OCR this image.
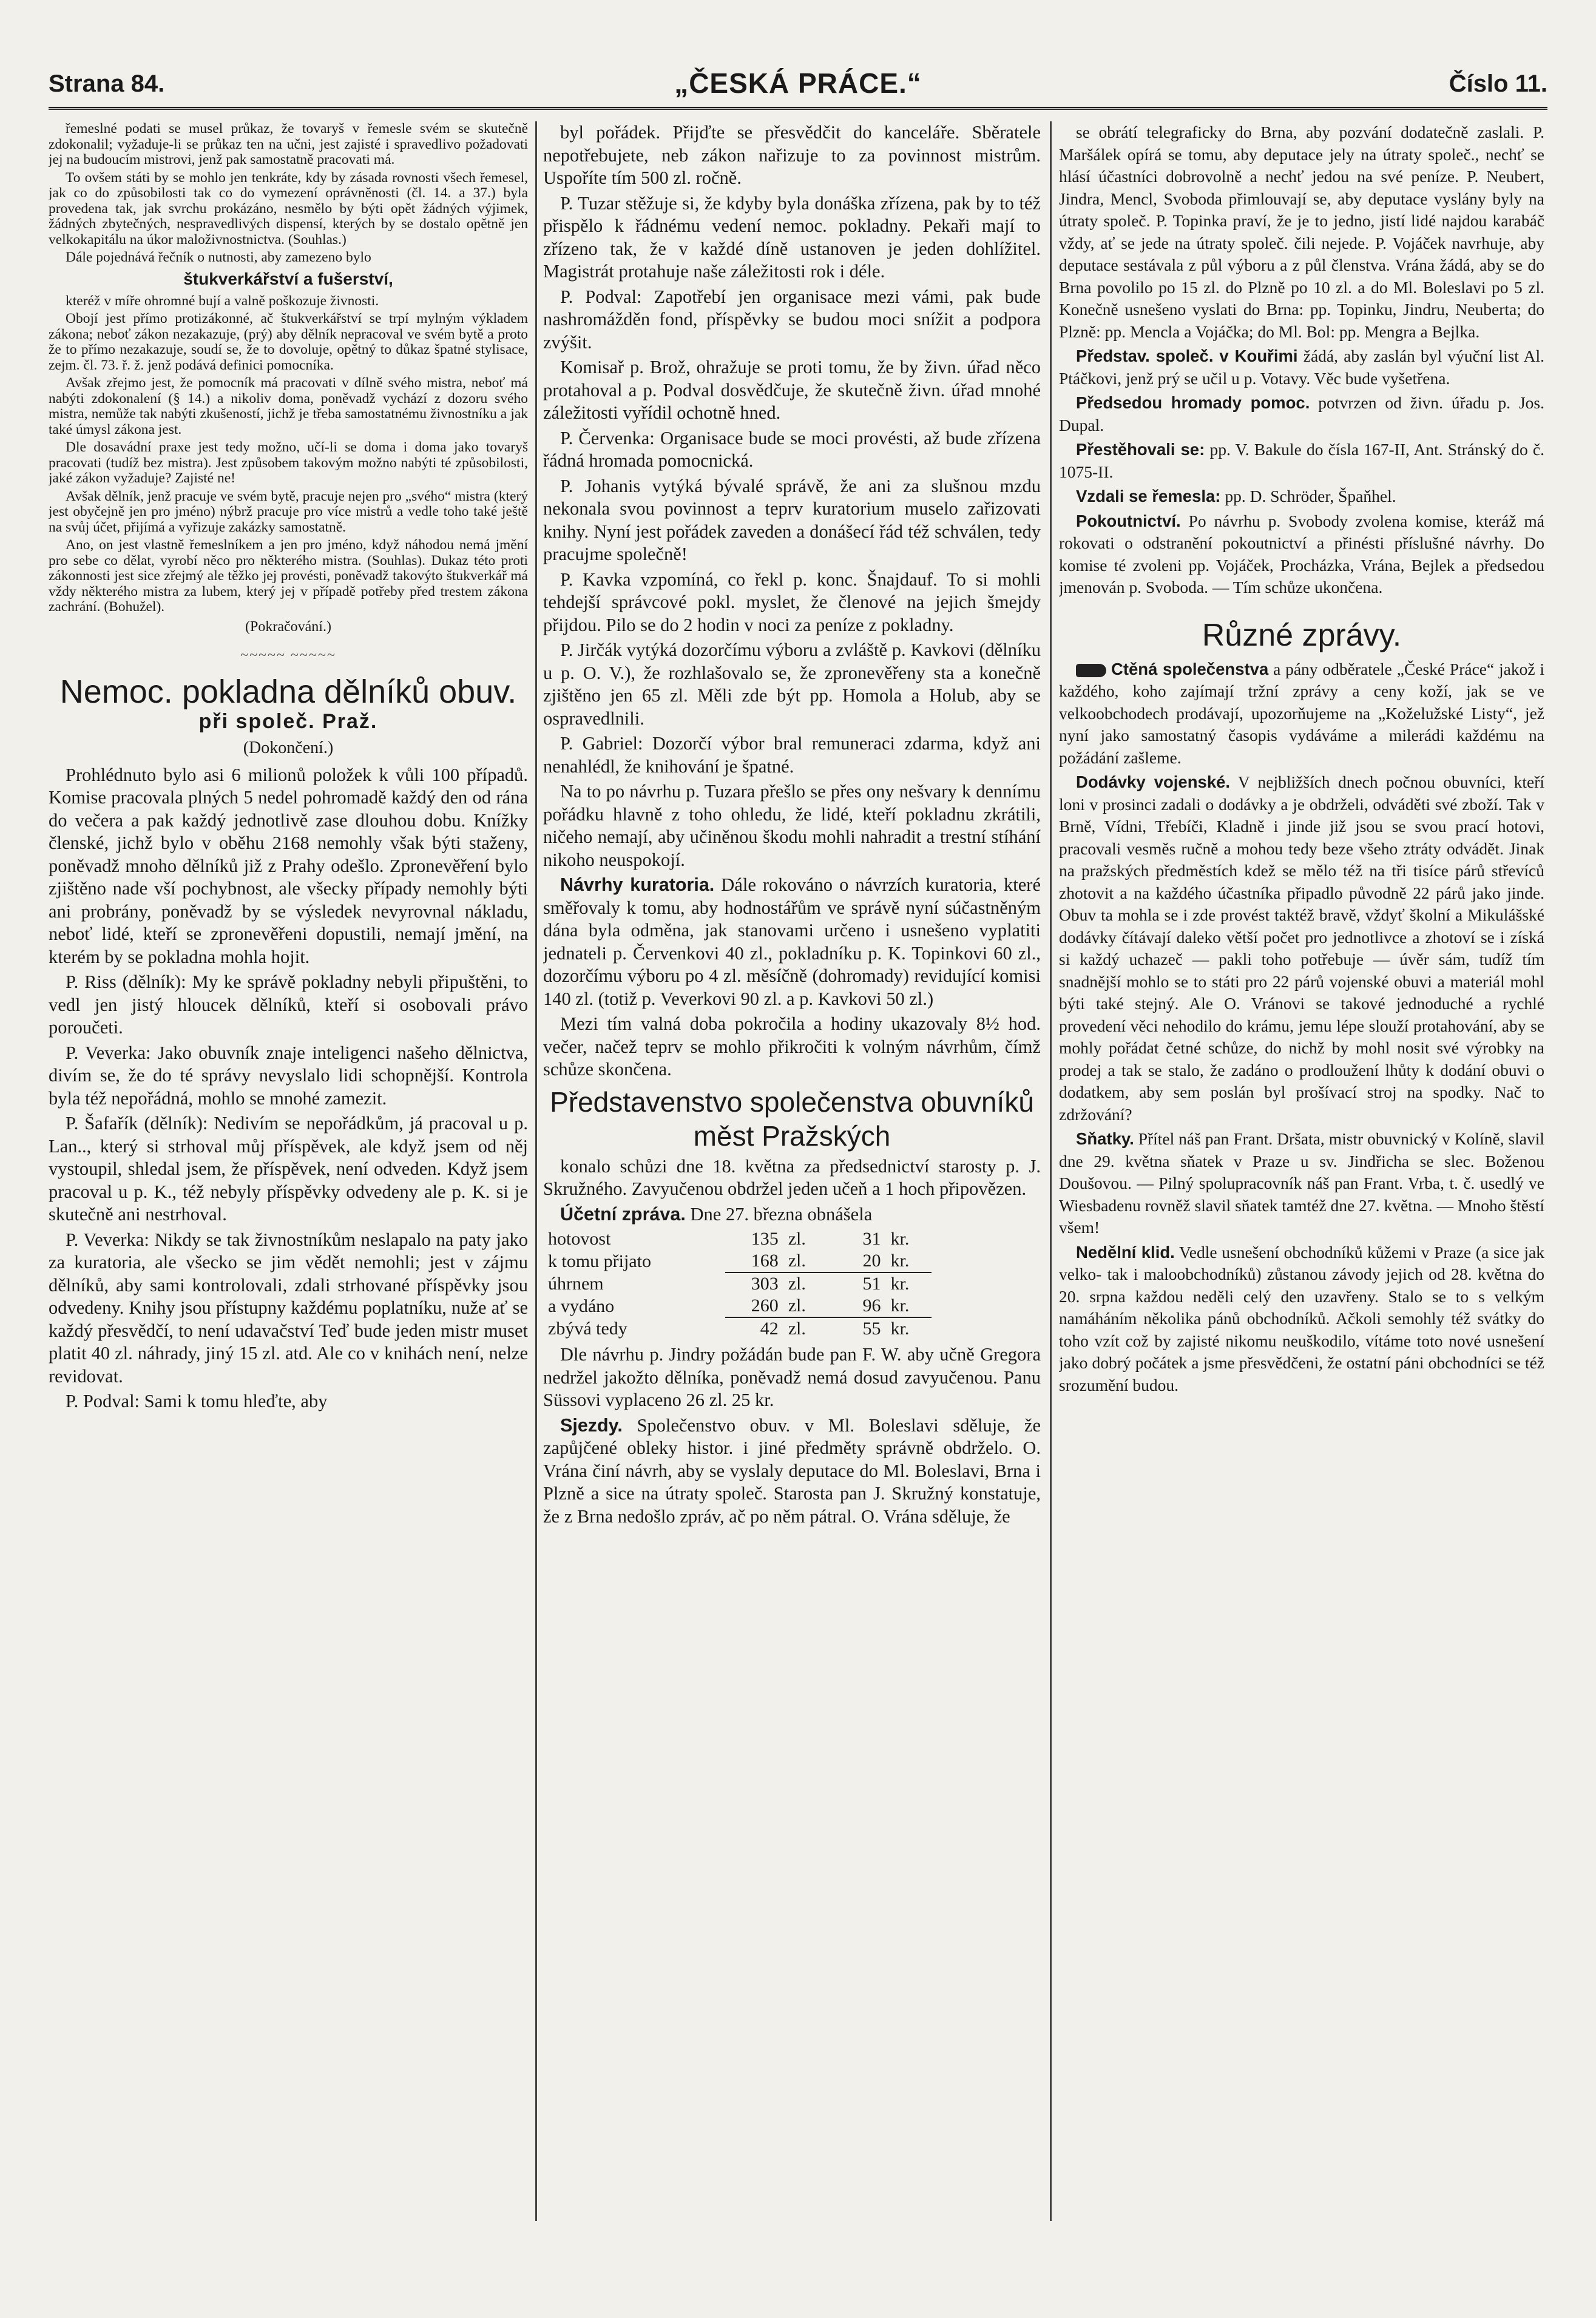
Strana 84.	„ČESKÁ PRÁCE.“	Číslo 11.

řemeslné podati se musel průkaz, že tovaryš v řemesle svém se skutečně zdokonalil; vyžaduje-li se průkaz ten na učni, jest zajisté i spravedlivo požadovati jej na budoucím mistrovi, jenž pak samostatně pracovati má.

To ovšem státi by se mohlo jen tenkráte, kdy by zásada rovnosti všech řemesel, jak co do způsobilosti tak co do vymezení oprávněnosti (čl. 14. a 37.) byla provedena tak, jak svrchu prokázáno, nesmělo by býti opět žádných výjimek, žádných zbytečných, nespravedlivých dispensí, kterých by se dostalo opětně jen velkokapitálu na úkor maloživnostnictva. (Souhlas.)

Dále pojednává řečník o nutnosti, aby zamezeno bylo

štukverkářství a fušerství,

kteréž v míře ohromné bují a valně poškozuje živnosti.

Obojí jest přímo protizákonné, ač štukverkářství se trpí mylným výkladem zákona; neboť zákon nezakazuje, (prý) aby dělník nepracoval ve svém bytě a proto že to přímo nezakazuje, soudí se, že to dovoluje, opětný to důkaz špatné stylisace, zejm. čl. 73. ř. ž. jenž podává definici pomocníka.

Avšak zřejmo jest, že pomocník má pracovati v dílně svého mistra, neboť má nabýti zdokonalení (§ 14.) a nikoliv doma, poněvadž vychází z dozoru svého mistra, nemůže tak nabýti zkušeností, jichž je třeba samostatnému živnostníku a jak také úmysl zákona jest.

Dle dosavádní praxe jest tedy možno, učí-li se doma i doma jako tovaryš pracovati (tudíž bez mistra). Jest způsobem takovým možno nabýti té způsobilosti, jaké zákon vyžaduje? Zajisté ne!

Avšak dělník, jenž pracuje ve svém bytě, pracuje nejen pro „svého“ mistra (který jest obyčejně jen pro jméno) nýbrž pracuje pro více mistrů a vedle toho také ještě na svůj účet, přijímá a vyřizuje zakázky samostatně.

Ano, on jest vlastně řemeslníkem a jen pro jméno, když náhodou nemá jmění pro sebe co dělat, vyrobí něco pro některého mistra. (Souhlas). Dukaz této proti zákonnosti jest sice zřejmý ale těžko jej provésti, poněvadž takovýto štukverkář má vždy některého mistra za lubem, který jej v případě potřeby před trestem zákona zachrání. (Bohužel).

(Pokračování.)
~~~~~ ~~~~~
Nemoc. pokladna dělníků obuv.
při společ. Praž.
(Dokončení.)

Prohlédnuto bylo asi 6 milionů položek k vůli 100 případů. Komise pracovala plných 5 nedel pohromadě každý den od rána do večera a pak každý jednotlivě zase dlouhou dobu. Knížky členské, jichž bylo v oběhu 2168 nemohly však býti staženy, poněvadž mnoho dělníků již z Prahy odešlo. Zpronevěření bylo zjištěno nade vší pochybnost, ale všecky případy nemohly býti ani probrány, poněvadž by se výsledek nevyrovnal nákladu, neboť lidé, kteří se zpronevěřeni dopustili, nemají jmění, na kterém by se pokladna mohla hojit.

P. Riss (dělník): My ke správě pokladny nebyli připuštěni, to vedl jen jistý hloucek dělníků, kteří si osobovali právo poroučeti.

P. Veverka: Jako obuvník znaje inteligenci našeho dělnictva, divím se, že do té správy nevyslalo lidi schopnější. Kontrola byla též nepořádná, mohlo se mnohé zamezit.

P. Šafařík (dělník): Nedivím se nepořádkům, já pracoval u p. Lan.., který si strhoval můj příspěvek, ale když jsem od něj vystoupil, shledal jsem, že příspěvek, není odveden. Když jsem pracoval u p. K., též nebyly příspěvky odvedeny ale p. K. si je skutečně ani nestrhoval.

P. Veverka: Nikdy se tak živnostníkům neslapalo na paty jako za kuratoria, ale všecko se jim vědět nemohli; jest v zájmu dělníků, aby sami kontrolovali, zdali strhované příspěvky jsou odvedeny. Knihy jsou přístupny každému poplatníku, nuže ať se každý přesvědčí, to není udavačství Teď bude jeden mistr muset platit 40 zl. náhrady, jiný 15 zl. atd. Ale co v knihách není, nelze revidovat.

P. Podval: Sami k tomu hleďte, aby

byl pořádek. Přijďte se přesvědčit do kanceláře. Sběratele nepotřebujete, neb zákon nařizuje to za povinnost mistrům. Uspoříte tím 500 zl. ročně.

P. Tuzar stěžuje si, že kdyby byla donáška zřízena, pak by to též přispělo k řádnému vedení nemoc. pokladny. Pekaři mají to zřízeno tak, že v každé díně ustanoven je jeden dohlížitel. Magistrát protahuje naše záležitosti rok i déle.

P. Podval: Zapotřebí jen organisace mezi vámi, pak bude nashromážděn fond, příspěvky se budou moci snížit a podpora zvýšit.

Komisař p. Brož, ohražuje se proti tomu, že by živn. úřad něco protahoval a p. Podval dosvědčuje, že skutečně živn. úřad mnohé záležitosti vyřídil ochotně hned.

P. Červenka: Organisace bude se moci provésti, až bude zřízena řádná hromada pomocnická.

P. Johanis vytýká bývalé správě, že ani za slušnou mzdu nekonala svou povinnost a teprv kuratorium muselo zařizovati knihy. Nyní jest pořádek zaveden a donášecí řád též schválen, tedy pracujme společně!

P. Kavka vzpomíná, co řekl p. konc. Šnajdauf. To si mohli tehdejší správcové pokl. myslet, že členové na jejich šmejdy přijdou. Pilo se do 2 hodin v noci za peníze z pokladny.

P. Jirčák vytýká dozorčímu výboru a zvláště p. Kavkovi (dělníku u p. O. V.), že rozhlašovalo se, že zpronevěřeny sta a konečně zjištěno jen 65 zl. Měli zde být pp. Homola a Holub, aby se ospravedlnili.

P. Gabriel: Dozorčí výbor bral remuneraci zdarma, když ani nenahlédl, že knihování je špatné.

Na to po návrhu p. Tuzara přešlo se přes ony nešvary k dennímu pořádku hlavně z toho ohledu, že lidé, kteří pokladnu zkrátili, ničeho nemají, aby učiněnou škodu mohli nahradit a trestní stíhání nikoho neuspokojí.

Návrhy kuratoria. Dále rokováno o návrzích kuratoria, které směřovaly k tomu, aby hodnostářům ve správě nyní súčastněným dána byla odměna, jak stanovami určeno i usnešeno vyplatiti jednateli p. Červenkovi 40 zl., pokladníku p. K. Topinkovi 60 zl., dozorčímu výboru po 4 zl. měsíčně (dohromady) revidující komisi 140 zl. (totiž p. Veverkovi 90 zl. a p. Kavkovi 50 zl.)

Mezi tím valná doba pokročila a hodiny ukazovaly 8½ hod. večer, načež teprv se mohlo přikročiti k volným návrhům, čímž schůze skončena.

Představenstvo společenstva obuvníků měst Pražských

konalo schůzi dne 18. května za předsednictví starosty p. J. Skružného. Zavyučenou obdržel jeden učeň a 1 hoch připovězen.

Účetní zpráva. Dne 27. března obnášela

hotovost	135	zl.	31	kr.
k tomu přijato	168	zl.	20	kr.
úhrnem	303	zl.	51	kr.
a vydáno	260	zl.	96	kr.
zbývá tedy	42	zl.	55	kr.

Dle návrhu p. Jindry požádán bude pan F. W. aby učně Gregora nedržel jakožto dělníka, poněvadž nemá dosud zavyučenou. Panu Süssovi vyplaceno 26 zl. 25 kr.

Sjezdy. Společenstvo obuv. v Ml. Boleslavi sděluje, že zapůjčené obleky histor. i jiné předměty správně obdrželo. O. Vrána činí návrh, aby se vyslaly deputace do Ml. Boleslavi, Brna i Plzně a sice na útraty společ. Starosta pan J. Skružný konstatuje, že z Brna nedošlo zpráv, ač po něm pátral. O. Vrána sděluje, že

se obrátí telegraficky do Brna, aby pozvání dodatečně zaslali. P. Maršálek opírá se tomu, aby deputace jely na útraty společ., nechť se hlásí účastníci dobrovolně a nechť jedou na své peníze. P. Neubert, Jindra, Mencl, Svoboda přimlouvají se, aby deputace vyslány byly na útraty společ. P. Topinka praví, že je to jedno, jistí lidé najdou karabáč vždy, ať se jede na útraty společ. čili nejede. P. Vojáček navrhuje, aby deputace sestávala z půl výboru a z půl členstva. Vrána žádá, aby se do Brna povolilo po 15 zl. do Plzně po 10 zl. a do Ml. Boleslavi po 5 zl. Konečně usnešeno vyslati do Brna: pp. Topinku, Jindru, Neuberta; do Plzně: pp. Mencla a Vojáčka; do Ml. Bol: pp. Mengra a Bejlka.

Představ. společ. v Kouřimi žádá, aby zaslán byl výuční list Al. Ptáčkovi, jenž prý se učil u p. Votavy. Věc bude vyšetřena.

Předsedou hromady pomoc. potvrzen od živn. úřadu p. Jos. Dupal.

Přestěhovali se: pp. V. Bakule do čísla 167-II, Ant. Stránský do č. 1075-II.

Vzdali se řemesla: pp. D. Schröder, Špaňhel.

Pokoutnictví. Po návrhu p. Svobody zvolena komise, kteráž má rokovati o odstranění pokoutnictví a přinésti příslušné návrhy. Do komise té zvoleni pp. Vojáček, Procházka, Vrána, Bejlek a předsedou jmenován p. Svoboda. — Tím schůze ukončena.

Různé zprávy.

Ctěná společenstva a pány odběratele „České Práce“ jakož i každého, koho zajímají tržní zprávy a ceny koží, jak se ve velkoobchodech prodávají, upozorňujeme na „Koželužské Listy“, jež nyní jako samostatný časopis vydáváme a milerádi každému na požádání zašleme.

Dodávky vojenské. V nejbližších dnech počnou obuvníci, kteří loni v prosinci zadali o dodávky a je obdrželi, odváděti své zboží. Tak v Brně, Vídni, Třebíči, Kladně i jinde již jsou se svou prací hotovi, pracovali vesměs ručně a mohou tedy beze všeho ztráty odvádět. Jinak na pražských předměstích kdež se mělo též na tři tisíce párů střevíců zhotovit a na každého účastníka připadlo původně 22 párů jako jinde. Obuv ta mohla se i zde provést taktéž bravě, vždyť školní a Mikulášské dodávky čítávají daleko větší počet pro jednotlivce a zhotoví se i získá si každý uchazeč — pakli toho potřebuje — úvěr sám, tudíž tím snadnější mohlo se to státi pro 22 párů vojenské obuvi a materiál mohl býti také stejný. Ale O. Vránovi se takové jednoduché a rychlé provedení věci nehodilo do krámu, jemu lépe slouží protahování, aby se mohly pořádat četné schůze, do nichž by mohl nosit své výrobky na prodej a tak se stalo, že zadáno o prodloužení lhůty k dodání obuvi o dodatkem, aby sem poslán byl prošívací stroj na spodky. Nač to zdržování?

Sňatky. Přítel náš pan Frant. Dršata, mistr obuvnický v Kolíně, slavil dne 29. května sňatek v Praze u sv. Jindřicha se slec. Boženou Doušovou. — Pilný spolupracovník náš pan Frant. Vrba, t. č. usedlý ve Wiesbadenu rovněž slavil sňatek tamtéž dne 27. května. — Mnoho štěstí všem!

Nedělní klid. Vedle usnešení obchodníků kůžemi v Praze (a sice jak velko- tak i maloobchodníků) zůstanou závody jejich od 28. května do 20. srpna každou neděli celý den uzavřeny. Stalo se to s velkým namáháním několika pánů obchodníků. Ačkoli semohly též svátky do toho vzít což by zajisté nikomu neuškodilo, vítáme toto nové usnešení jako dobrý počátek a jsme přesvědčeni, že ostatní páni obchodníci se též srozumění budou.
